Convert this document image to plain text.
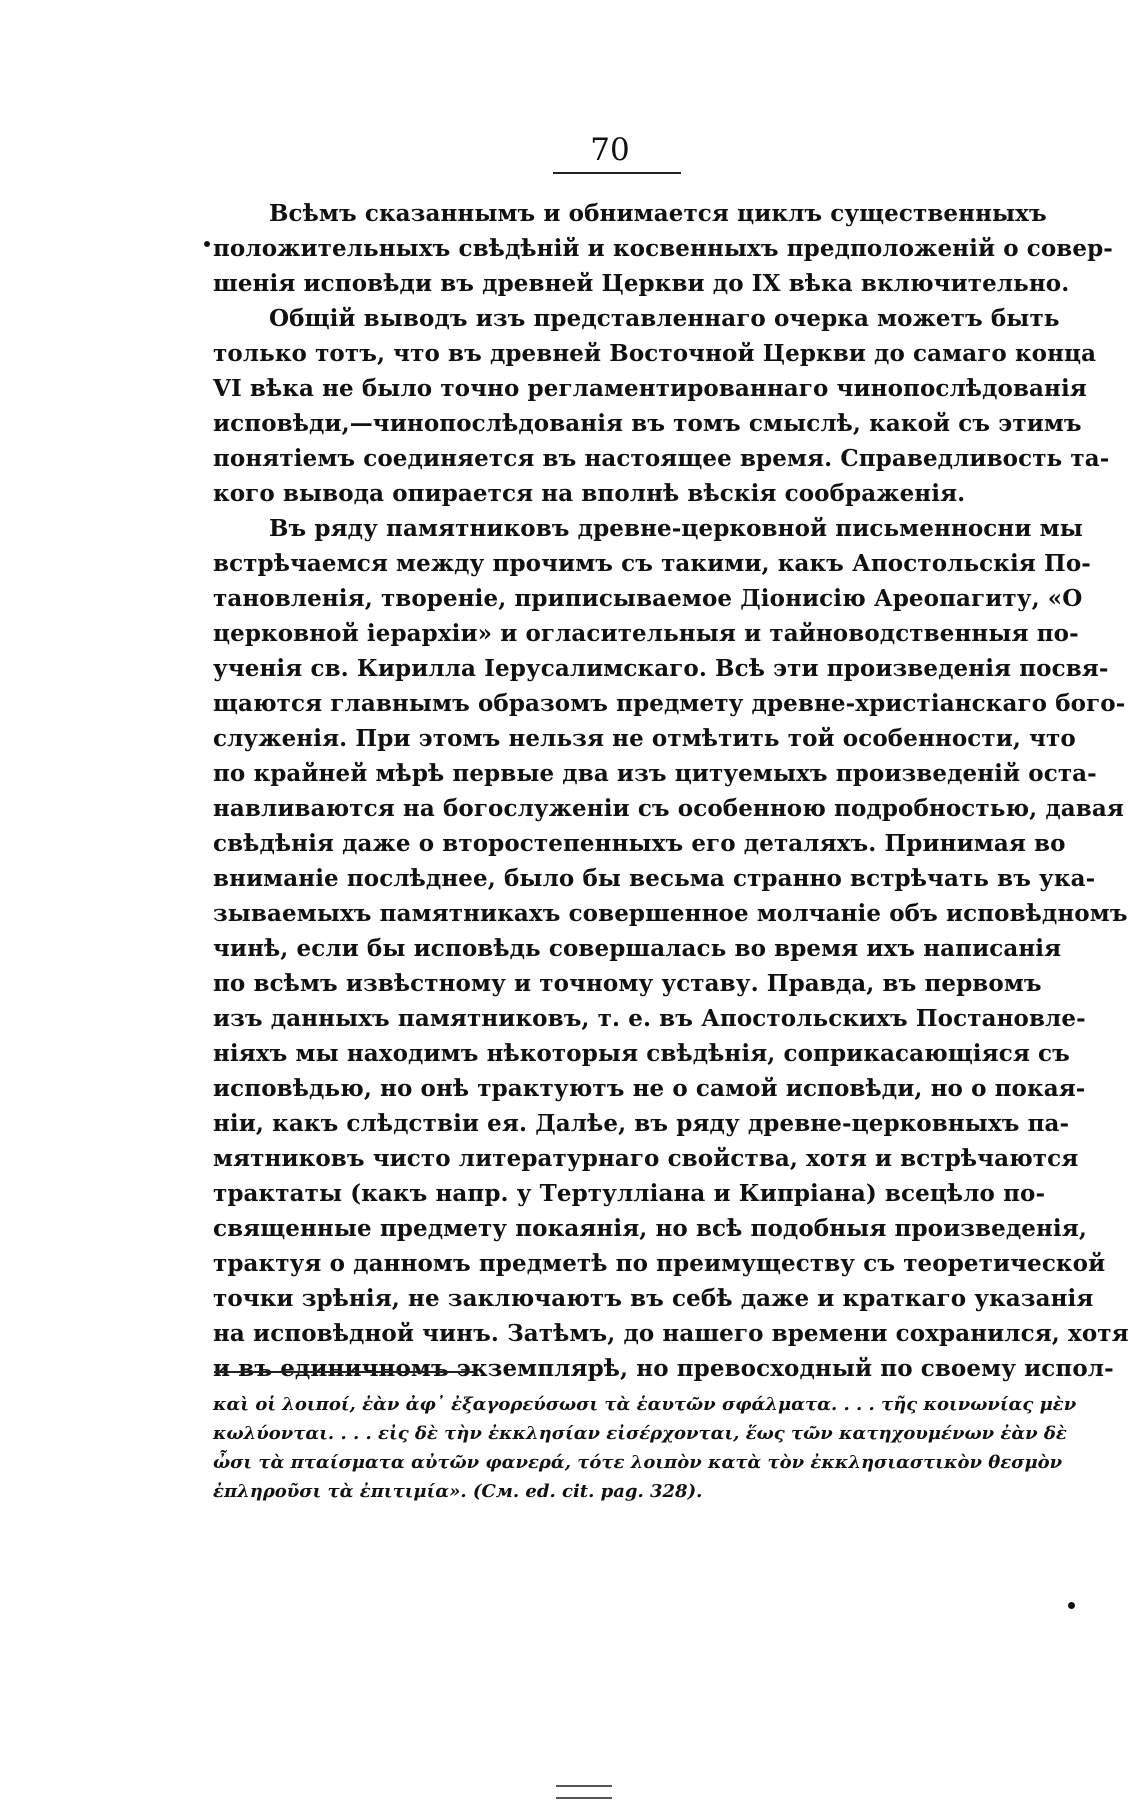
70
Всѣмъ сказаннымъ и обнимается циклъ существенныхъ
положительныхъ свѣдѣній и косвенныхъ предположеній о совер-
шенія исповѣди въ древней Церкви до IX вѣка включительно.
Общій выводъ изъ представленнаго очерка можетъ быть
только тотъ, что въ древней Восточной Церкви до самаго конца
VI вѣка не было точно регламентированнаго чинопослѣдованія
исповѣди,—чинопослѣдованія въ томъ смыслѣ, какой съ этимъ
понятіемъ соединяется въ настоящее время. Справедливость та-
кого вывода опирается на вполнѣ вѣскія соображенія.
Въ ряду памятниковъ древне-церковной письменносни мы
встрѣчаемся между прочимъ съ такими, какъ Апостольскія По-
тановленія, твореніе, приписываемое Діонисію Ареопагиту, «О
церковной іерархіи» и огласительныя и тайноводственныя по-
ученія св. Кирилла Іерусалимскаго. Всѣ эти произведенія посвя-
щаются главнымъ образомъ предмету древне-христіанскаго бого-
служенія. При этомъ нельзя не отмѣтить той особенности, что
по крайней мѣрѣ первые два изъ цитуемыхъ произведеній оста-
навливаются на богослуженіи съ особенною подробностью, давая
свѣдѣнія даже о второстепенныхъ его деталяхъ. Принимая во
вниманіе послѣднее, было бы весьма странно встрѣчать въ ука-
зываемыхъ памятникахъ совершенное молчаніе объ исповѣдномъ
чинѣ, если бы исповѣдь совершалась во время ихъ написанія
по всѣмъ извѣстному и точному уставу. Правда, въ первомъ
изъ данныхъ памятниковъ, т. е. въ Апостольскихъ Постановле-
ніяхъ мы находимъ нѣкоторыя свѣдѣнія, соприкасающіяся съ
исповѣдью, но онѣ трактуютъ не о самой исповѣди, но о покая-
ніи, какъ слѣдствіи ея. Далѣе, въ ряду древне-церковныхъ па-
мятниковъ чисто литературнаго свойства, хотя и встрѣчаются
трактаты (какъ напр. у Тертулліана и Кипріана) всецѣло по-
священные предмету покаянія, но всѣ подобныя произведенія,
трактуя о данномъ предметѣ по преимуществу съ теоретической
точки зрѣнія, не заключаютъ въ себѣ даже и краткаго указанія
на исповѣдной чинъ. Затѣмъ, до нашего времени сохранился, хотя
и въ единичномъ экземплярѣ, но превосходный по своему испол-
καὶ οἱ λοιποί, ἐὰν ἀφ᾽ ἐξαγορεύσωσι τὰ ἑαυτῶν σφάλματα. . . . τῆς κοινωνίας μὲν
κωλύονται. . . . εἰς δὲ τὴν ἐκκλησίαν εἰσέρχονται, ἕως τῶν κατηχουμένων ἐὰν δὲ
ὦσι τὰ πταίσματα αὐτῶν φανερά, τότε λοιπὸν κατὰ τὸν ἐκκλησιαστικὸν θεσμὸν
ἐπληροῦσι τὰ ἐπιτιμία». (См. ed. cit. pag. 328).
